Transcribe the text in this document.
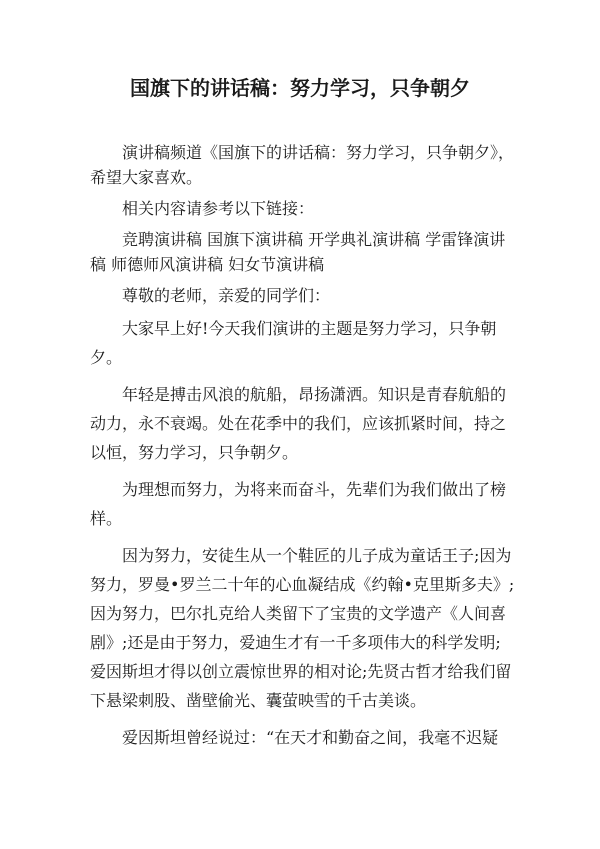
国旗下的讲话稿：努力学习，只争朝夕

演讲稿频道《国旗下的讲话稿：努力学习，只争朝夕》，希望大家喜欢。

相关内容请参考以下链接：

竞聘演讲稿 国旗下演讲稿 开学典礼演讲稿 学雷锋演讲稿 师德师风演讲稿 妇女节演讲稿

尊敬的老师，亲爱的同学们：

大家早上好!今天我们演讲的主题是努力学习，只争朝夕。

年轻是搏击风浪的航船，昂扬潇洒。知识是青春航船的动力，永不衰竭。处在花季中的我们，应该抓紧时间，持之以恒，努力学习，只争朝夕。

为理想而努力，为将来而奋斗，先辈们为我们做出了榜样。

因为努力，安徒生从一个鞋匠的儿子成为童话王子;因为努力，罗曼•罗兰二十年的心血凝结成《约翰•克里斯多夫》;因为努力，巴尔扎克给人类留下了宝贵的文学遗产《人间喜剧》;还是由于努力，爱迪生才有一千多项伟大的科学发明;爱因斯坦才得以创立震惊世界的相对论;先贤古哲才给我们留下悬梁刺股、凿壁偷光、囊萤映雪的千古美谈。

爱因斯坦曾经说过：“在天才和勤奋之间，我毫不迟疑
